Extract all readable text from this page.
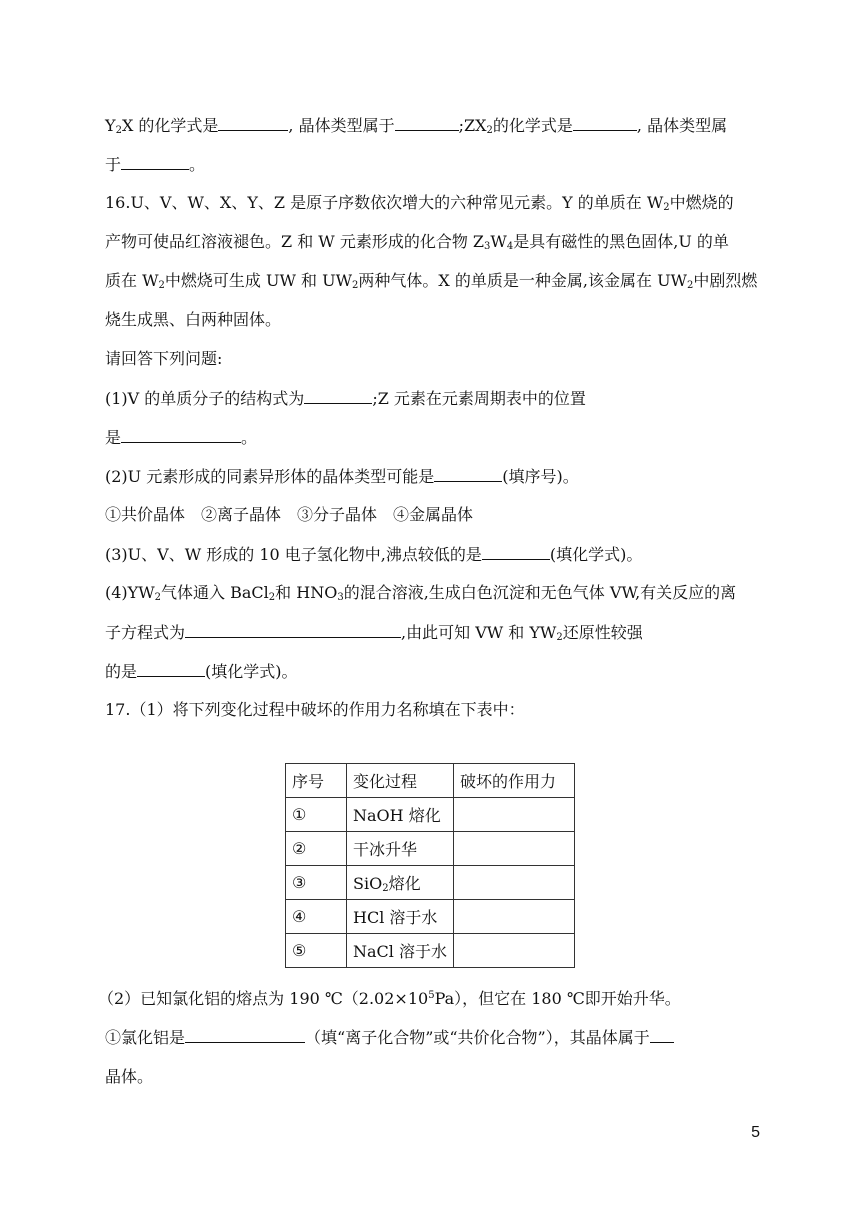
$Y_2X$ 的化学式是	, 晶体类型属于	$;ZX_2$的化学式是	, 晶体类型属
于	。
16.U、V、W、X、Y、Z 是原子序数依次增大的六种常见元素。Y 的单质在 $W_2$中燃烧的
产物可使品红溶液褪色。Z 和 W 元素形成的化合物 $Z_3W_4$是具有磁性的黑色固体,U 的单
质在 $W_2$中燃烧可生成 UW 和 $UW_2$两种气体。X 的单质是一种金属,该金属在 $UW_2$中剧烈燃
烧生成黑、白两种固体。
请回答下列问题:
(1)V 的单质分子的结构式为	;Z 元素在元素周期表中的位置
是	。
(2)U 元素形成的同素异形体的晶体类型可能是	(填序号)。
①共价晶体　②离子晶体　③分子晶体　④金属晶体
(3)U、V、W 形成的 10 电子氢化物中,沸点较低的是	(填化学式)。
$(4)YW_2$气体通入 BaCl$_2$和 $HNO_3$的混合溶液,生成白色沉淀和无色气体 VW,有关反应的离
子方程式为	,由此可知 VW 和 $YW_2$还原性较强
的是	(填化学式)。
17.（1）将下列变化过程中破坏的作用力名称填在下表中：
序号	变化过程	破坏的作用力
①	NaOH 熔化	
②	干冰升华	
③	SiO$_2$熔化	
④	HCl 溶于水	
⑤	NaCl 溶于水	
（2）已知氯化铝的熔点为 190 $℃(2.02\times 10^5Pa)$，但它在 180 ℃即开始升华。
①氯化铝是	（填“离子化合物”或“共价化合物”），其晶体属于
晶体。
5
